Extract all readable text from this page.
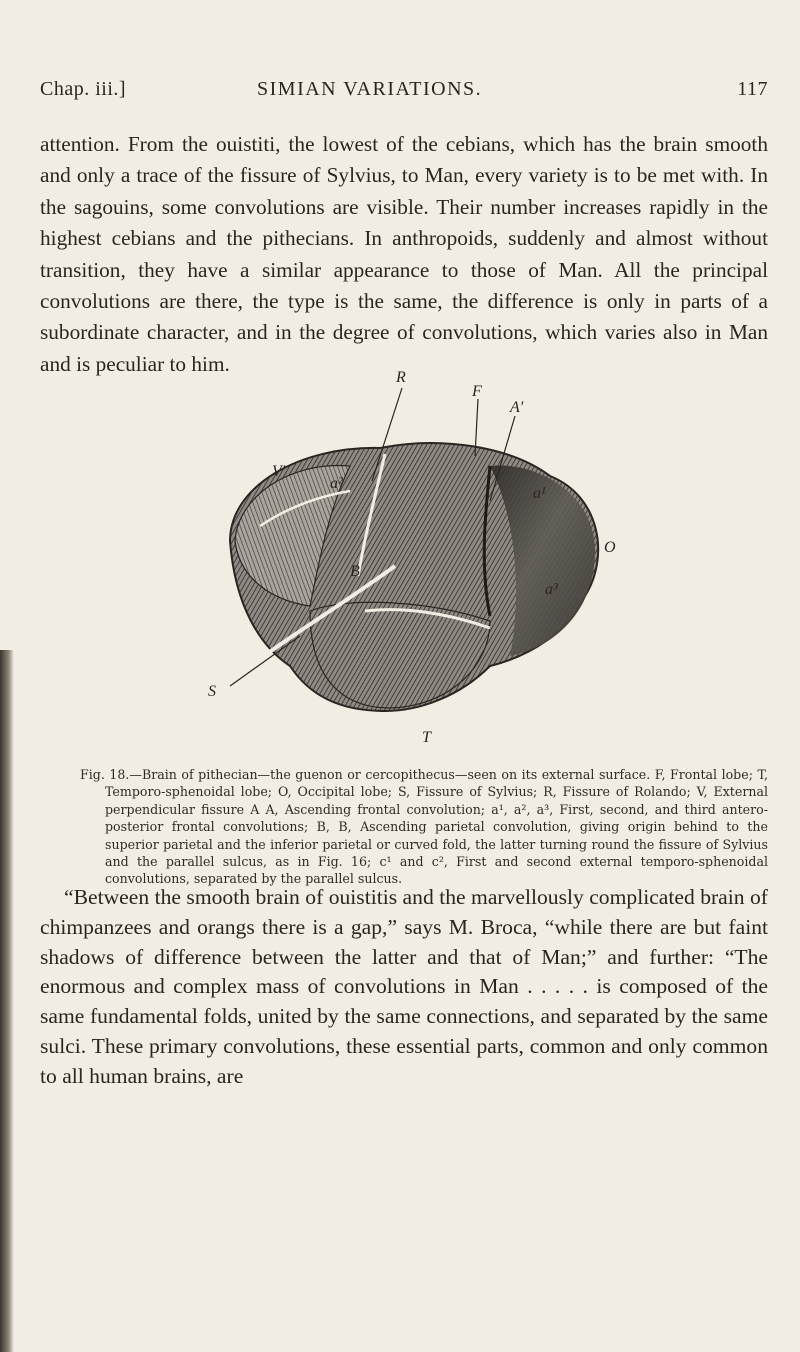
Chap. iii.]	SIMIAN VARIATIONS.	117

attention. From the ouistiti, the lowest of the cebians, which has the brain smooth and only a trace of the fissure of Sylvius, to Man, every variety is to be met with. In the sagouins, some convolutions are visible. Their number increases rapidly in the highest cebians and the pithecians. In anthropoids, suddenly and almost without transition, they have a similar appearance to those of Man. All the principal convolutions are there, the type is the same, the difference is only in parts of a subordinate character, and in the degree of convolutions, which varies also in Man and is peculiar to him.

R
F
A'
V'
a²
B
a¹
O
a³
S
T

Fig. 18.—Brain of pithecian—the guenon or cercopithecus—seen on its external surface. F, Frontal lobe; T, Temporo-sphenoidal lobe; O, Occipital lobe; S, Fissure of Sylvius; R, Fissure of Rolando; V, External perpendicular fissure A A, Ascending frontal convolution; a¹, a², a³, First, second, and third antero-posterior frontal convolutions; B, B, Ascending parietal convolution, giving origin behind to the superior parietal and the inferior parietal or curved fold, the latter turning round the fissure of Sylvius and the parallel sulcus, as in Fig. 16; c¹ and c², First and second external temporo-sphenoidal convolutions, separated by the parallel sulcus.

“Between the smooth brain of ouistitis and the marvellously complicated brain of chimpanzees and orangs there is a gap,” says M. Broca, “while there are but faint shadows of difference between the latter and that of Man;” and further: “The enormous and complex mass of convolutions in Man . . . . . is composed of the same fundamental folds, united by the same connections, and separated by the same sulci. These primary convolutions, these essential parts, common and only common to all human brains, are
